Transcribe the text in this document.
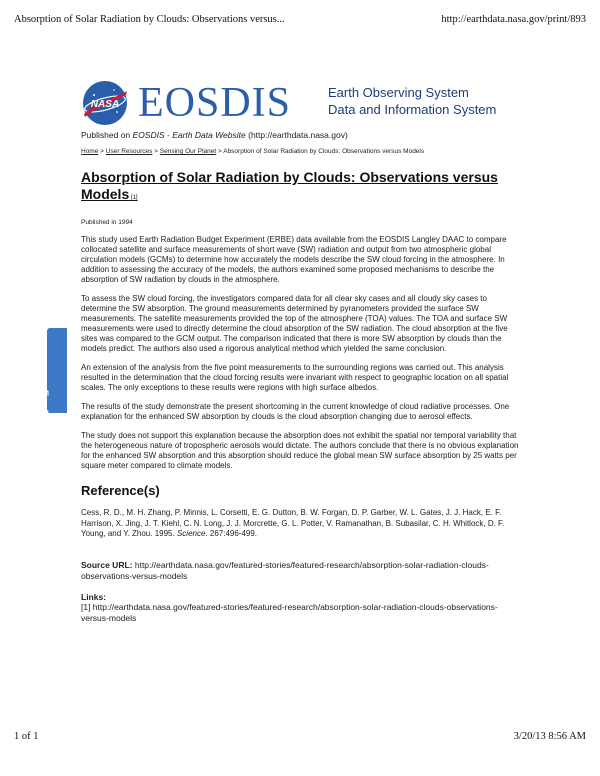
Absorption of Solar Radiation by Clouds: Observations versus...	http://earthdata.nasa.gov/print/893
NASA EOSDIS	Earth Observing System
Data and Information System
Feedback
Published on EOSDIS - Earth Data Website (http://earthdata.nasa.gov)
Home > User Resources > Sensing Our Planet > Absorption of Solar Radiation by Clouds: Observations versus Models
Absorption of Solar Radiation by Clouds: Observations versus Models [1]
Published in 1994

This study used Earth Radiation Budget Experiment (ERBE) data available from the EOSDIS Langley DAAC to compare collocated satellite and surface measurements of short wave (SW) radiation and output from two atmospheric global circulation models (GCMs) to determine how accurately the models describe the SW cloud forcing in the atmosphere. In addition to assessing the accuracy of the models, the authors examined some proposed mechanisms to describe the absorption of SW radiation by clouds in the atmosphere.

To assess the SW cloud forcing, the investigators compared data for all clear sky cases and all cloudy sky cases to determine the SW absorption. The ground measurements determined by pyranometers provided the surface SW measurements. The satellite measurements provided the top of the atmosphere (TOA) values. The TOA and surface SW measurements were used to directly determine the cloud absorption of the SW radiation. The cloud absorption at the five sites was compared to the GCM output. The comparison indicated that there is more SW absorption by clouds than the models predict. The authors also used a rigorous analytical method which yielded the same conclusion.

An extension of the analysis from the five point measurements to the surrounding regions was carried out. This analysis resulted in the determination that the cloud forcing results were invariant with respect to geographic location on all spatial scales. The only exceptions to these results were regions with high surface albedos.

The results of the study demonstrate the present shortcoming in the current knowledge of cloud radiative processes. One explanation for the enhanced SW absorption by clouds is the cloud absorption changing due to aerosol effects.

The study does not support this explanation because the absorption does not exhibit the spatial nor temporal variability that the heterogeneous nature of tropospheric aerosols would dictate. The authors conclude that there is no obvious explanation for the enhanced SW absorption and this absorption should reduce the global mean SW surface absorption by 25 watts per square meter compared to climate models.

Reference(s)
Cess, R. D., M. H. Zhang, P. Minnis, L. Corsetti, E. G. Dutton, B. W. Forgan, D. P. Garber, W. L. Gates, J. J. Hack, E. F. Harrison, X. Jing, J. T. Kiehl, C. N. Long, J. J. Morcrette, G. L. Potter, V. Ramanathan, B. Subasilar, C. H. Whitlock, D. F. Young, and Y. Zhou. 1995. Science. 267:496-499.
Source URL: http://earthdata.nasa.gov/featured-stories/featured-research/absorption-solar-radiation-clouds-observations-versus-models
Links:
[1] http://earthdata.nasa.gov/featured-stories/featured-research/absorption-solar-radiation-clouds-observations-versus-models
1 of 1	3/20/13 8:56 AM
